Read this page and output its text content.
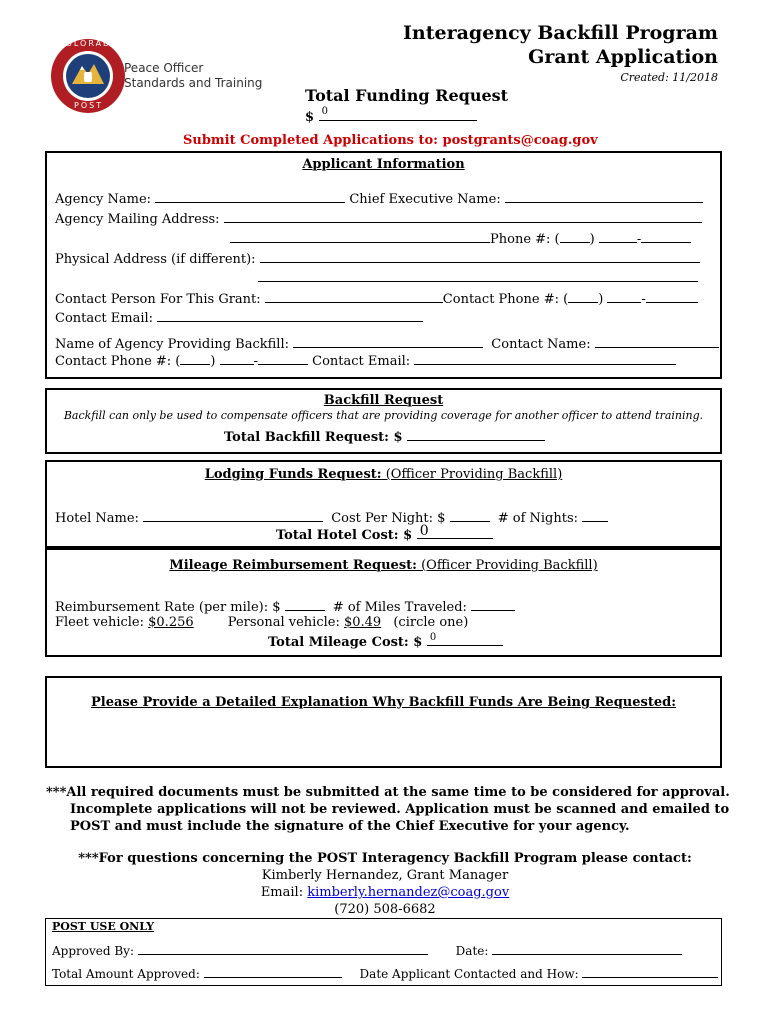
COLORADO
POST
Peace Officer
Standards and Training
Interagency Backfill Program
Grant Application
Created: 11/2018
Total Funding Request
$ 0
Submit Completed Applications to: postgrants@coag.gov
Applicant Information
Agency Name:	Chief Executive Name:
Agency Mailing Address:
Phone #: ( )	-
Physical Address (if different):
Contact Person For This Grant:	Contact Phone #: ( )	-
Contact Email:
Name of Agency Providing Backfill:	Contact Name:
Contact Phone #: ( )	-	Contact Email:
Backfill Request
Backfill can only be used to compensate officers that are providing coverage for another officer to attend training.
Total Backfill Request: $
Lodging Funds Request: (Officer Providing Backfill)
Hotel Name:	Cost Per Night: $	# of Nights:
Total Hotel Cost: $ 0
Mileage Reimbursement Request: (Officer Providing Backfill)
Reimbursement Rate (per mile): $	# of Miles Traveled:
Fleet vehicle: $0.256	Personal vehicle: $0.49 (circle one)
Total Mileage Cost: $ 0
Please Provide a Detailed Explanation Why Backfill Funds Are Being Requested:
***All required documents must be submitted at the same time to be considered for approval.
Incomplete applications will not be reviewed. Application must be scanned and emailed to
POST and must include the signature of the Chief Executive for your agency.
***For questions concerning the POST Interagency Backfill Program please contact:
Kimberly Hernandez, Grant Manager
Email: kimberly.hernandez@coag.gov
(720) 508-6682
POST USE ONLY
Approved By:	Date:
Total Amount Approved:	Date Applicant Contacted and How:
